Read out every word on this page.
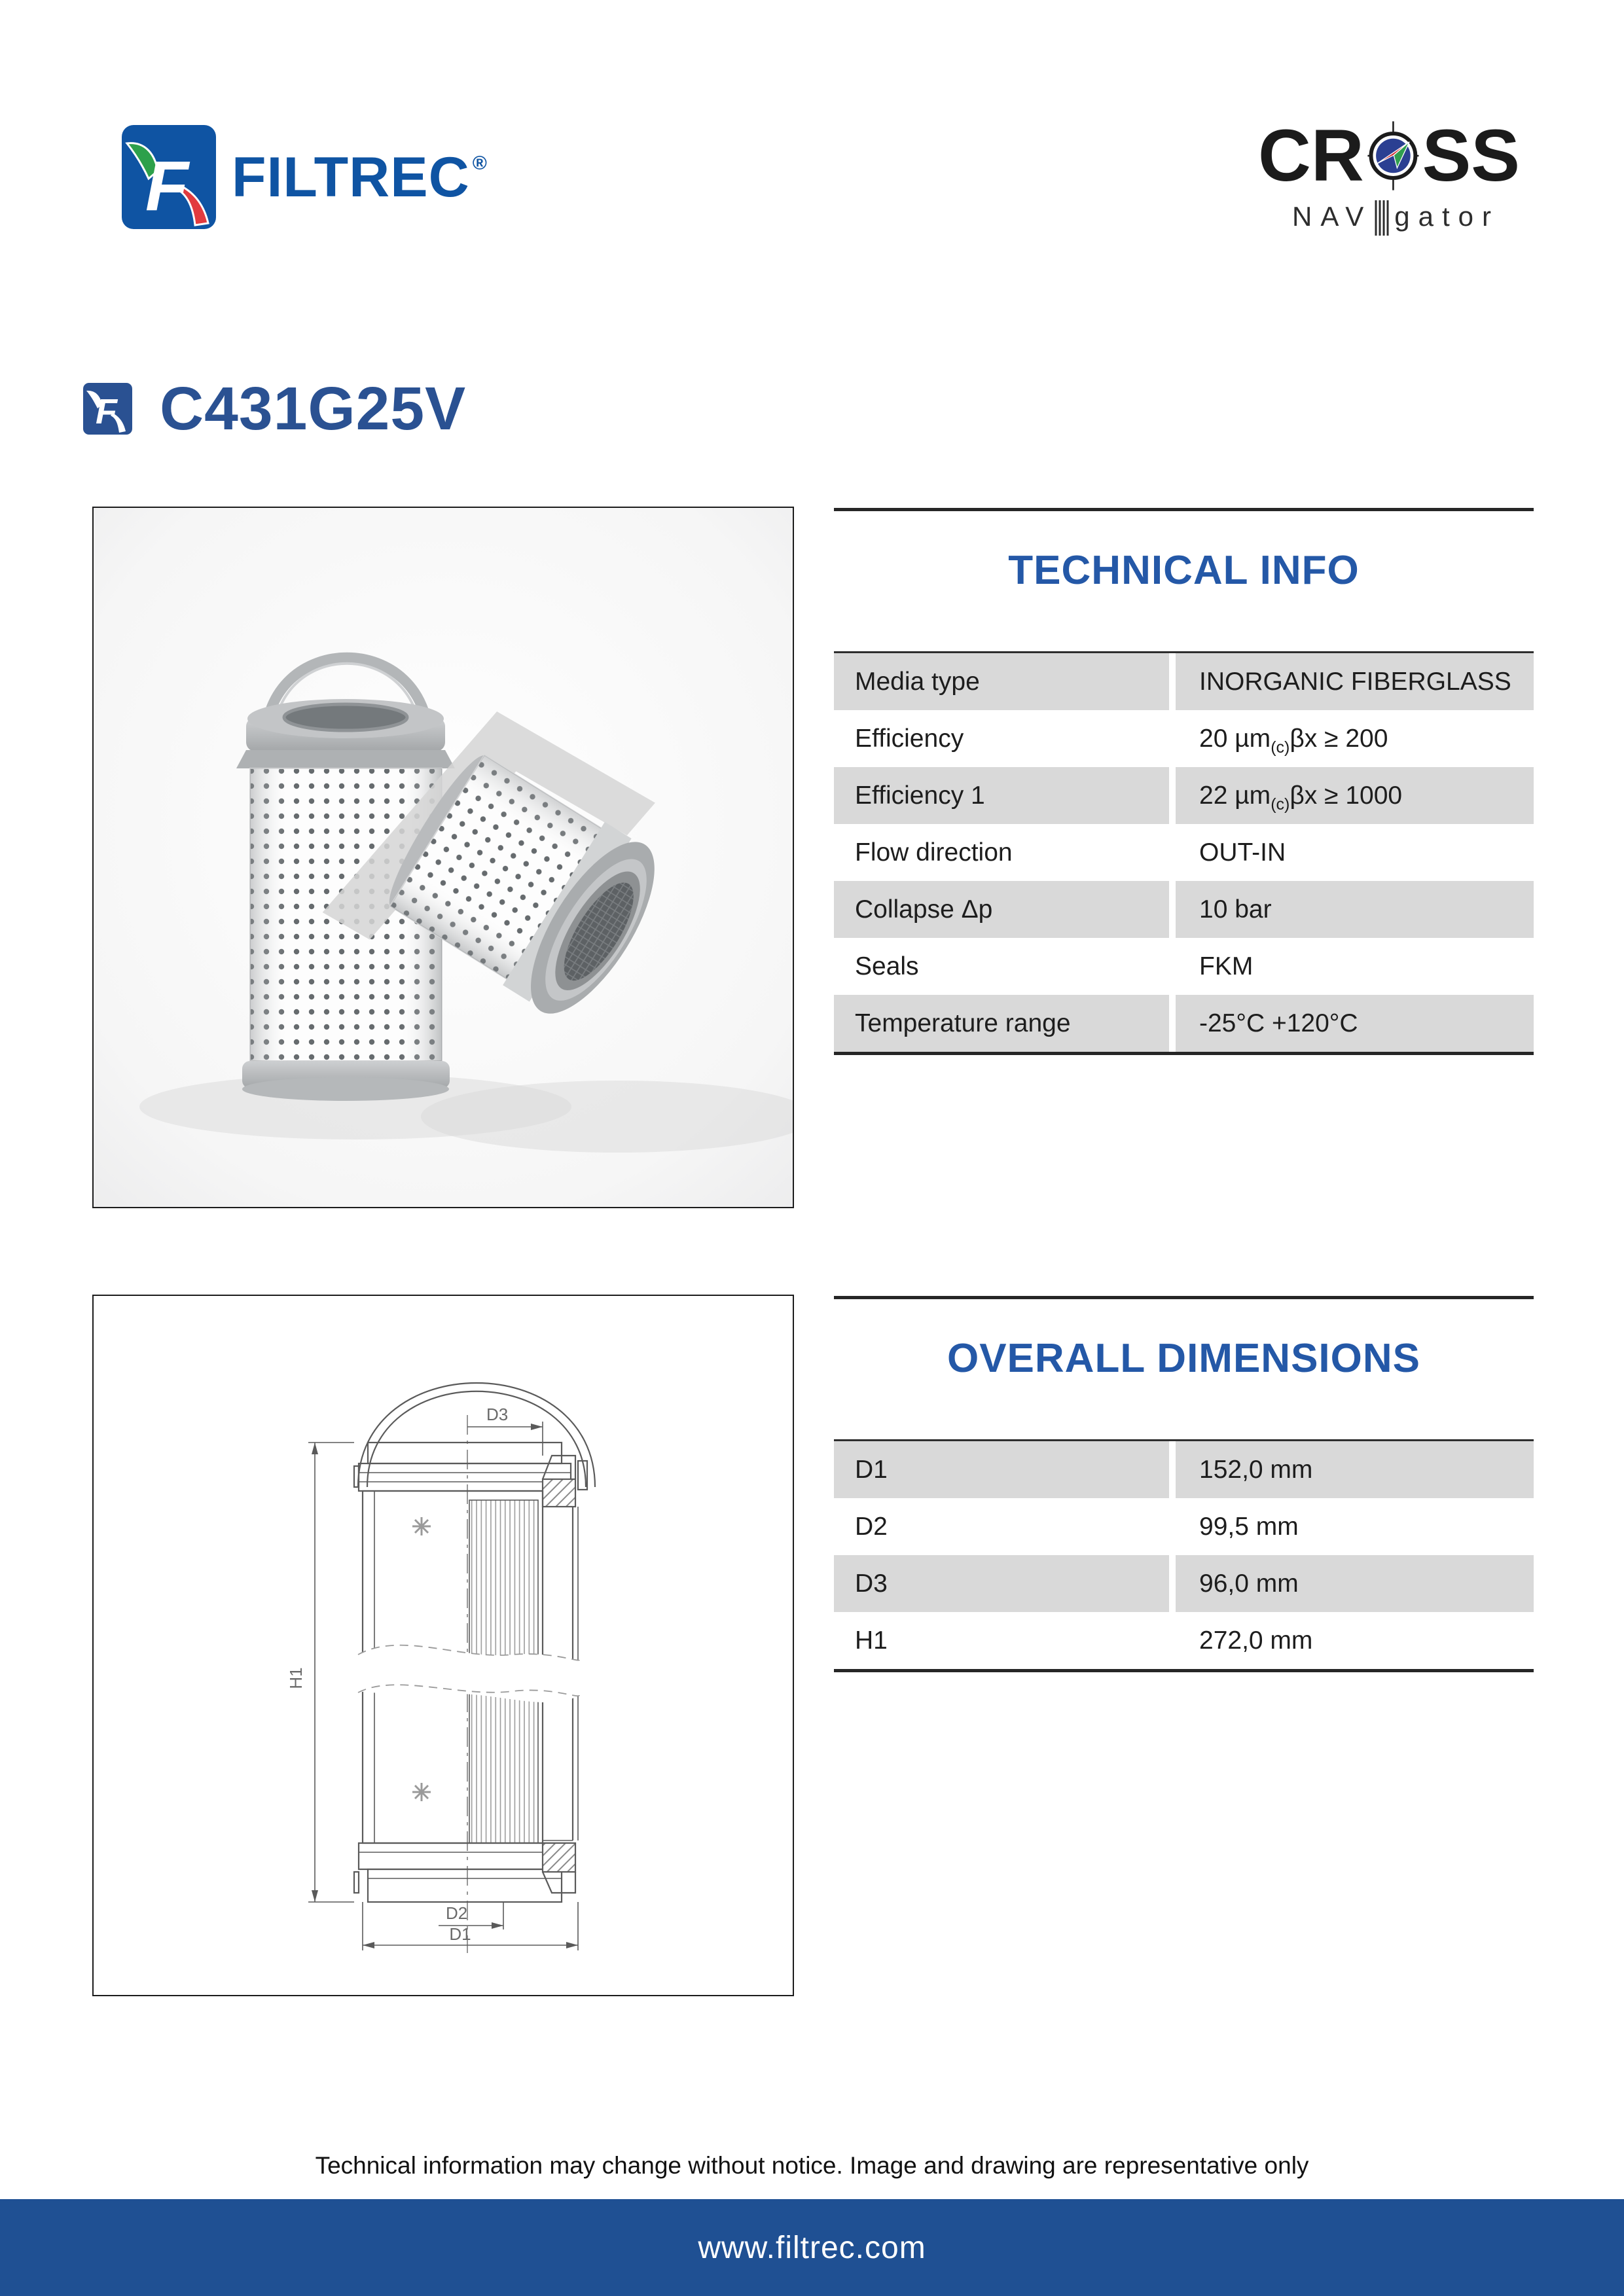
F FILTREC ®	CR SS
NAV gator
F C431G25V
TECHNICAL INFO
Media type	INORGANIC FIBERGLASS
Efficiency	20 µm (c) βx ≥ 200
Efficiency 1	22 µm (c) βx ≥ 1000
Flow direction	OUT-IN
Collapse Δp	10 bar
Seals	FKM
Temperature range	-25°C +120°C
D3
H1
D2
D1
OVERALL DIMENSIONS
D1	152,0 mm
D2	99,5 mm
D3	96,0 mm
H1	272,0 mm
Technical information may change without notice. Image and drawing are representative only
www.filtrec.com
